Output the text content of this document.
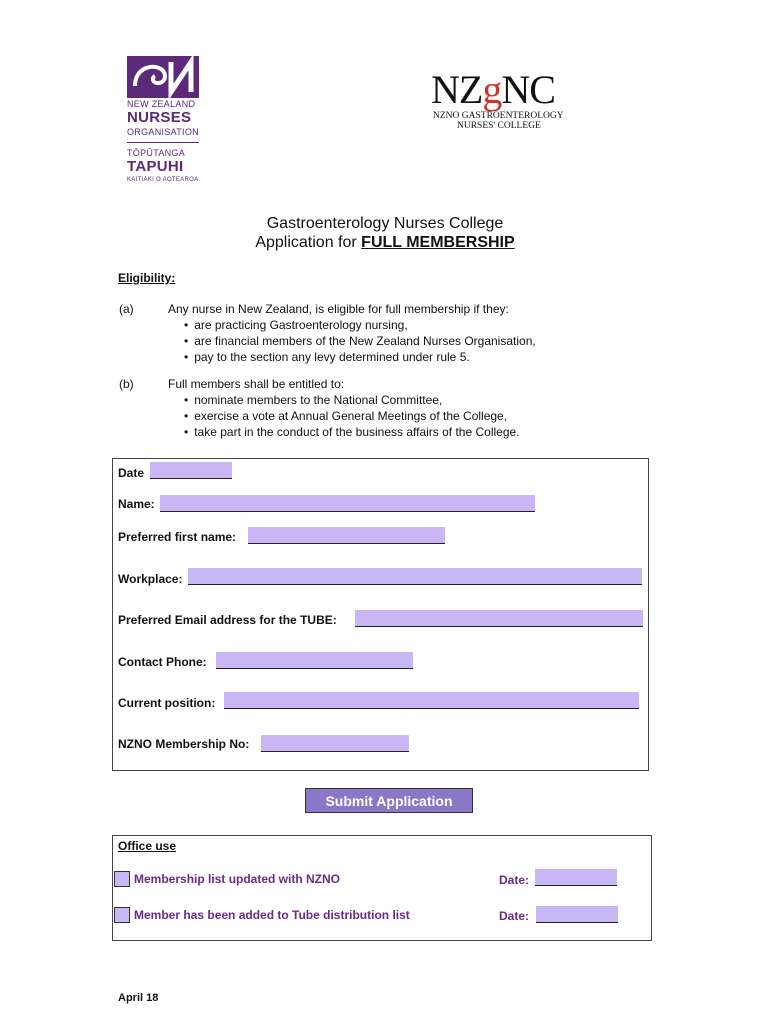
NEW ZEALAND
NURSES
ORGANISATION
TŌPŪTANGA
TAPUHI
KAITIAKI O AOTEAROA
NZgNC
NZNO GASTROENTEROLOGY
NURSES' COLLEGE
Gastroenterology Nurses College
Application for FULL MEMBERSHIP
Eligibility:
(a)	Any nurse in New Zealand, is eligible for full membership if they:
• are practicing Gastroenterology nursing,
• are financial members of the New Zealand Nurses Organisation,
• pay to the section any levy determined under rule 5.
(b)	Full members shall be entitled to:
• nominate members to the National Committee,
• exercise a vote at Annual General Meetings of the College,
• take part in the conduct of the business affairs of the College.
Date
Name:
Preferred first name:
Workplace:
Preferred Email address for the TUBE:
Contact Phone:
Current position:
NZNO Membership No:
Submit Application
Office use
Membership list updated with NZNO	Date:
Member has been added to Tube distribution list	Date:
April 18
